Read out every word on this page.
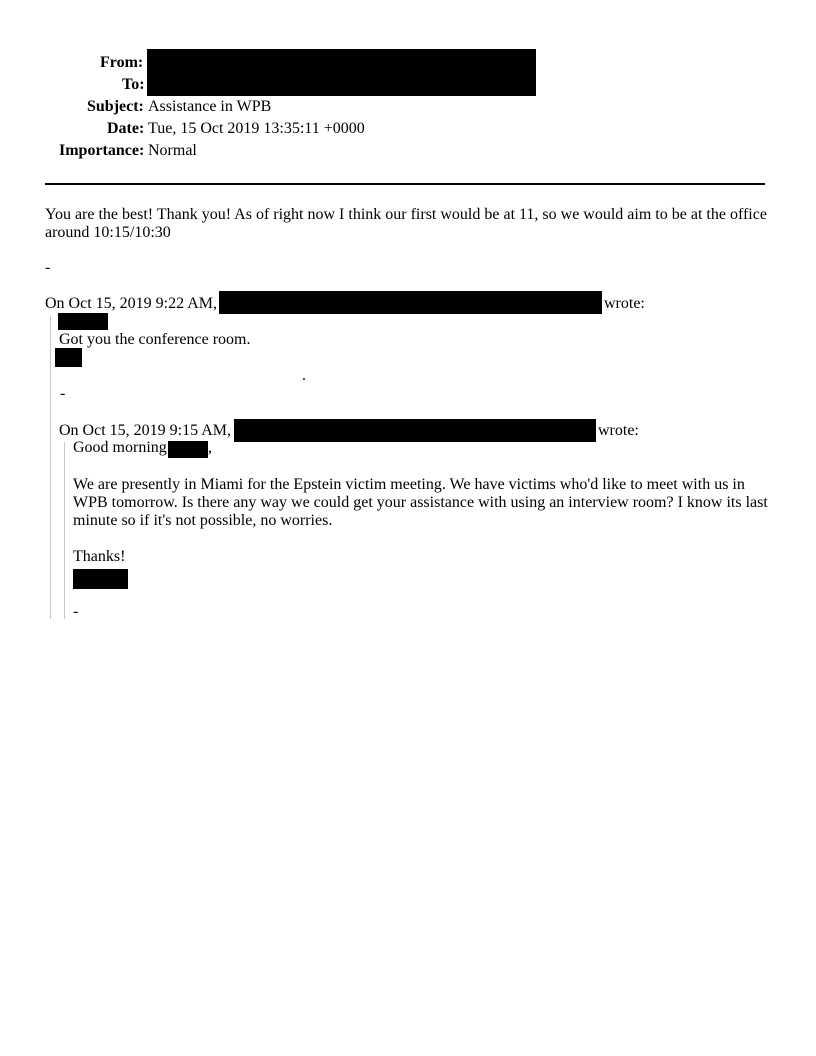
From:
To:
Subject: Assistance in WPB
Date: Tue, 15 Oct 2019 13:35:11 +0000
Importance: Normal
You are the best! Thank you! As of right now I think our first would be at 11, so we would aim to be at the office around 10:15/10:30
-
On Oct 15, 2019 9:22 AM,	wrote:
Got you the conference room.
.
-
On Oct 15, 2019 9:15 AM,	wrote:
Good morning	,
We are presently in Miami for the Epstein victim meeting. We have victims who'd like to meet with us in WPB tomorrow. Is there any way we could get your assistance with using an interview room? I know its last minute so if it's not possible, no worries.
Thanks!
-
